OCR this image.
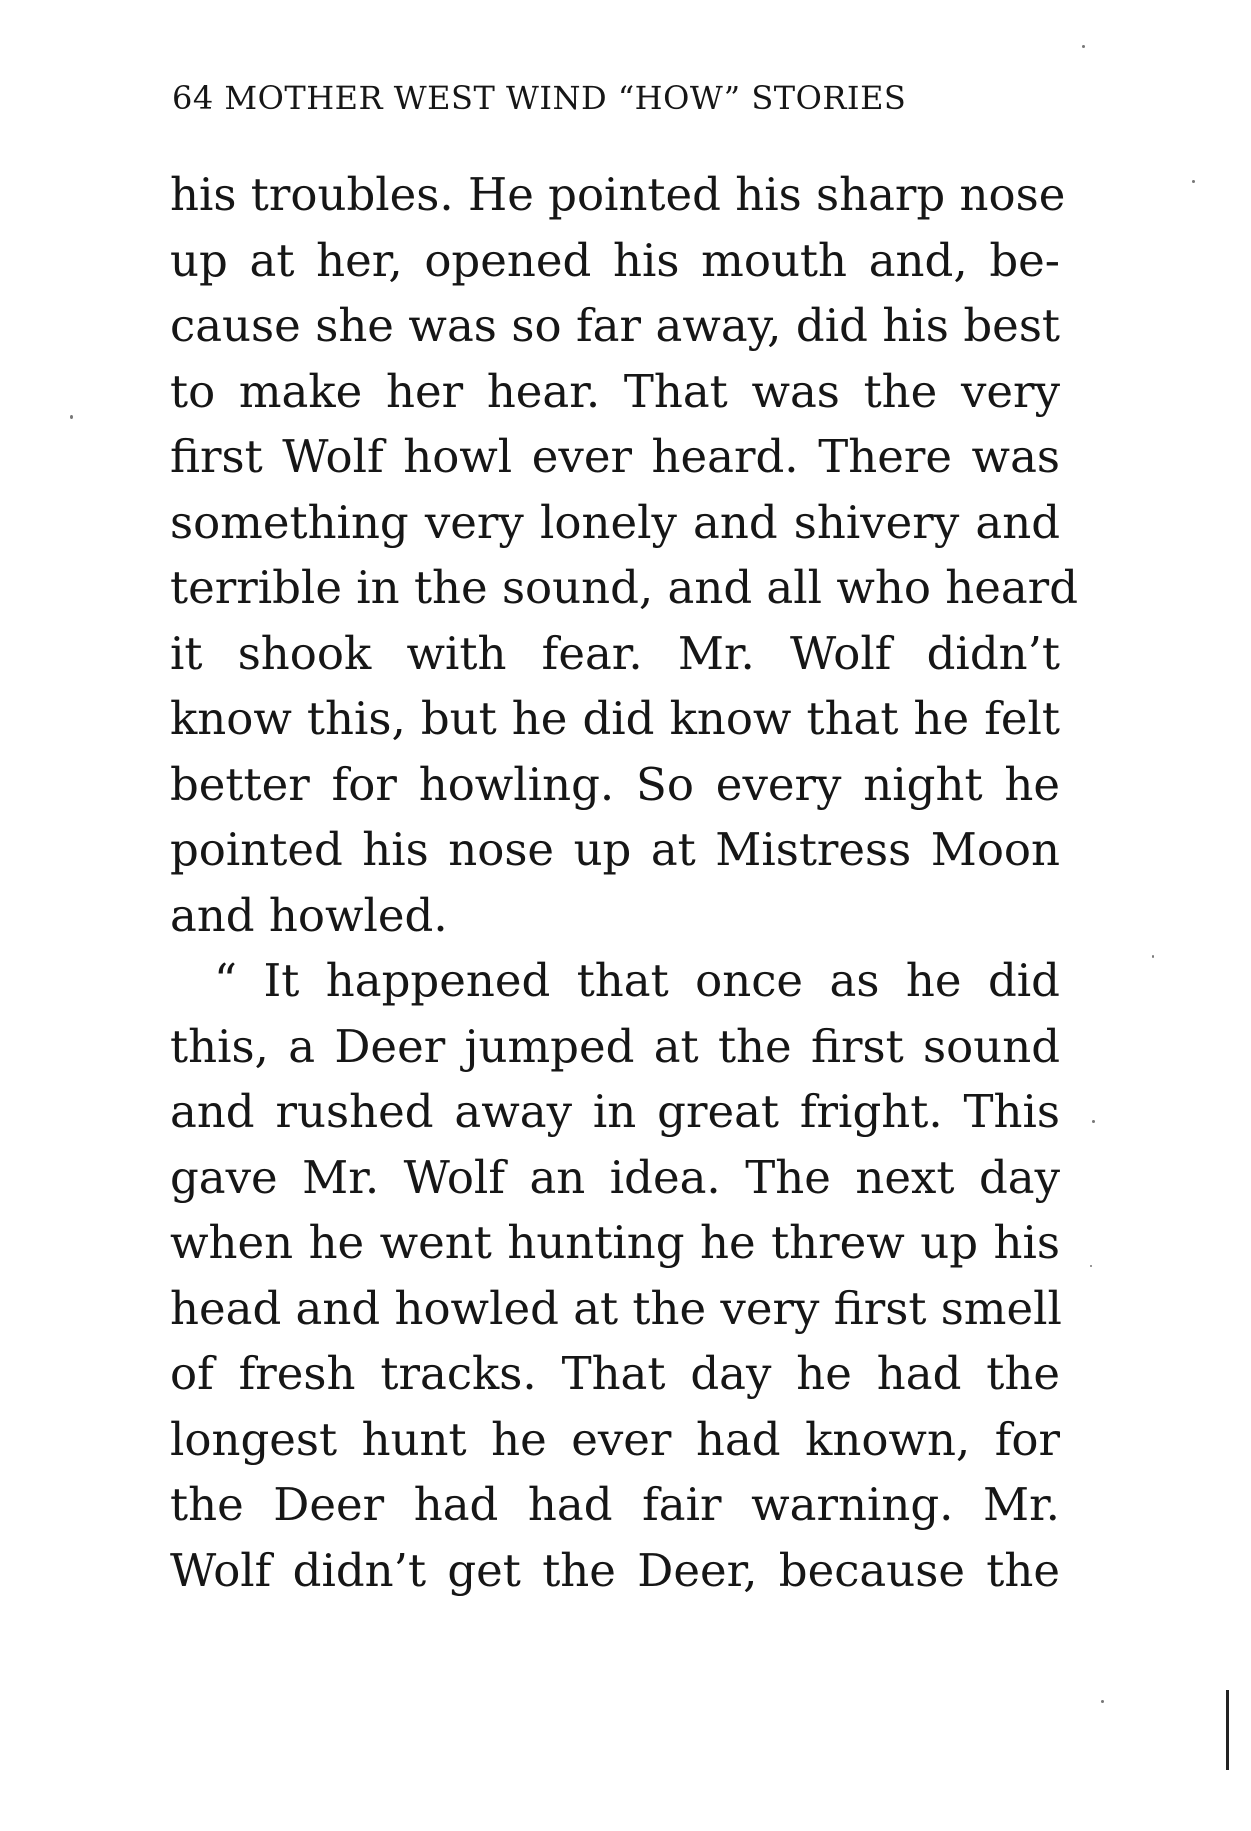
64 MOTHER WEST WIND “HOW” STORIES
his troubles. He pointed his sharp nose
up at her, opened his mouth and, be-
cause she was so far away, did his best
to make her hear. That was the very
first Wolf howl ever heard. There was
something very lonely and shivery and
terrible in the sound, and all who heard
it shook with fear. Mr. Wolf didn’t
know this, but he did know that he felt
better for howling. So every night he
pointed his nose up at Mistress Moon
and howled.
“ It happened that once as he did
this, a Deer jumped at the first sound
and rushed away in great fright. This
gave Mr. Wolf an idea. The next day
when he went hunting he threw up his
head and howled at the very first smell
of fresh tracks. That day he had the
longest hunt he ever had known, for
the Deer had had fair warning. Mr.
Wolf didn’t get the Deer, because the
